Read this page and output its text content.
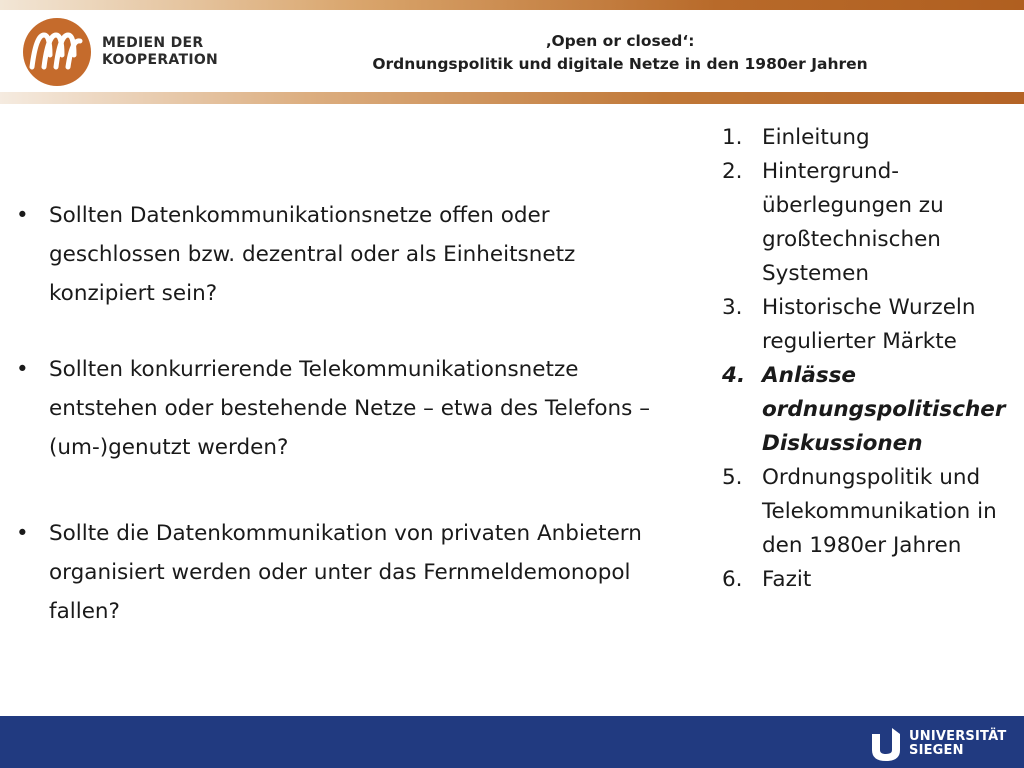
MEDIEN DER
KOOPERATION
‚Open or closed‘:
Ordnungspolitik und digitale Netze in den 1980er Jahren
• Sollten Datenkommunikationsnetze offen oder geschlossen bzw. dezentral oder als Einheitsnetz konzipiert sein?
• Sollten konkurrierende Telekommunikationsnetze entstehen oder bestehende Netze – etwa des Telefons – (um-)genutzt werden?
• Sollte die Datenkommunikation von privaten Anbietern organisiert werden oder unter das Fernmeldemonopol fallen?
1. Einleitung
2. Hintergrund-überlegungen zu großtechnischen Systemen
3. Historische Wurzeln regulierter Märkte
4. Anlässe ordnungspolitischer Diskussionen
5. Ordnungspolitik und Telekommunikation in den 1980er Jahren
6. Fazit
UNIVERSITÄT
SIEGEN
